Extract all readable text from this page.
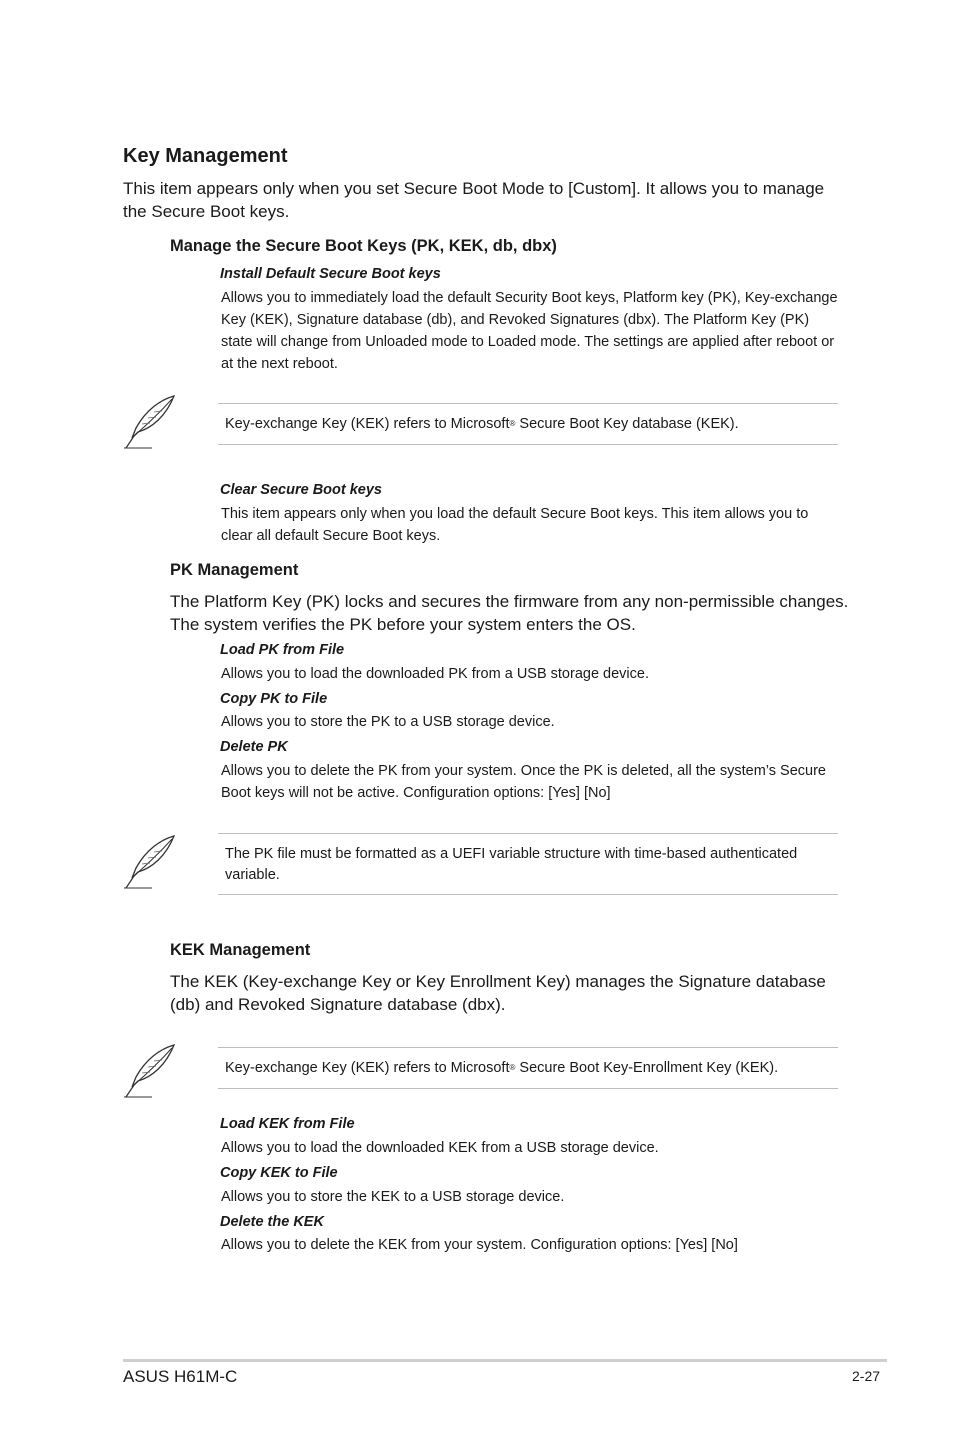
Key Management
This item appears only when you set Secure Boot Mode to [Custom]. It allows you to manage the Secure Boot keys.
Manage the Secure Boot Keys (PK, KEK, db, dbx)
Install Default Secure Boot keys
Allows you to immediately load the default Security Boot keys, Platform key (PK), Key-exchange Key (KEK), Signature database (db), and Revoked Signatures (dbx). The Platform Key (PK) state will change from Unloaded mode to Loaded mode. The settings are applied after reboot or at the next reboot.
Key-exchange Key (KEK) refers to Microsoft® Secure Boot Key database (KEK).
Clear Secure Boot keys
This item appears only when you load the default Secure Boot keys. This item allows you to clear all default Secure Boot keys.
PK Management
The Platform Key (PK) locks and secures the firmware from any non-permissible changes. The system verifies the PK before your system enters the OS.
Load PK from File
Allows you to load the downloaded PK from a USB storage device.
Copy PK to File
Allows you to store the PK to a USB storage device.
Delete PK
Allows you to delete the PK from your system. Once the PK is deleted, all the system’s Secure Boot keys will not be active. Configuration options: [Yes] [No]
The PK file must be formatted as a UEFI variable structure with time-based authenticated variable.
KEK Management
The KEK (Key-exchange Key or Key Enrollment Key) manages the Signature database (db) and Revoked Signature database (dbx).
Key-exchange Key (KEK) refers to Microsoft® Secure Boot Key-Enrollment Key (KEK).
Load KEK from File
Allows you to load the downloaded KEK from a USB storage device.
Copy KEK to File
Allows you to store the KEK to a USB storage device.
Delete the KEK
Allows you to delete the KEK from your system. Configuration options: [Yes] [No]
ASUS H61M-C	2-27
